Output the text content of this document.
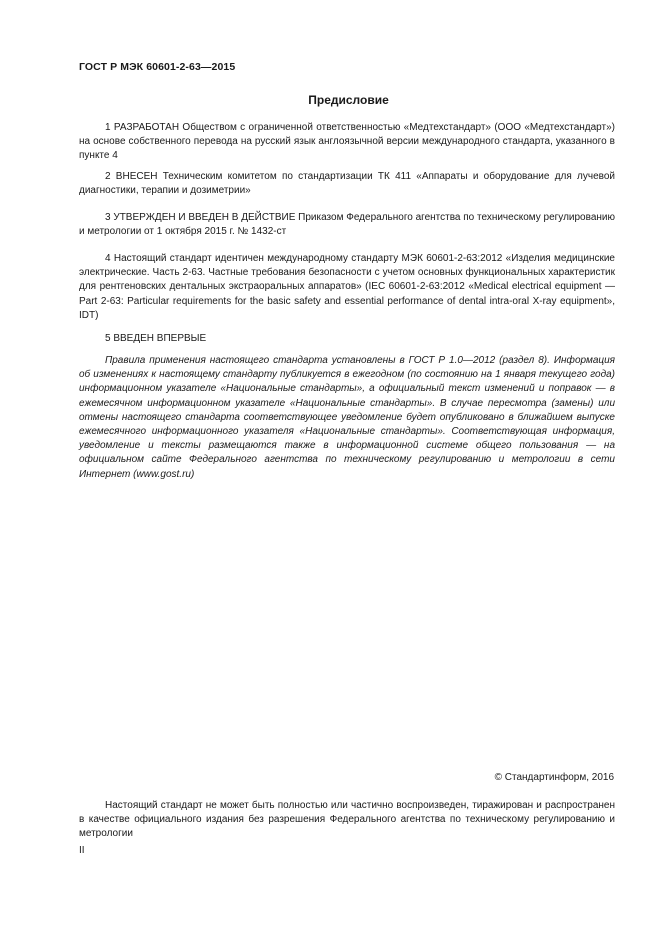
ГОСТ Р МЭК 60601-2-63—2015
Предисловие

1 РАЗРАБОТАН Обществом с ограниченной ответственностью «Медтехстандарт» (ООО «Медтехстандарт») на основе собственного перевода на русский язык англоязычной версии международного стандарта, указанного в пункте 4

2 ВНЕСЕН Техническим комитетом по стандартизации ТК 411 «Аппараты и оборудование для лучевой диагностики, терапии и дозиметрии»

3 УТВЕРЖДЕН И ВВЕДЕН В ДЕЙСТВИЕ Приказом Федерального агентства по техническому регулированию и метрологии от 1 октября 2015 г. № 1432-ст

4 Настоящий стандарт идентичен международному стандарту МЭК 60601-2-63:2012 «Изделия медицинские электрические. Часть 2-63. Частные требования безопасности с учетом основных функциональных характеристик для рентгеновских дентальных экстраоральных аппаратов» (IEC 60601-2-63:2012 «Medical electrical equipment — Part 2-63: Particular requirements for the basic safety and essential performance of dental intra-oral X-ray equipment», IDT)

5 ВВЕДЕН ВПЕРВЫЕ

Правила применения настоящего стандарта установлены в ГОСТ Р 1.0—2012 (раздел 8). Информация об изменениях к настоящему стандарту публикуется в ежегодном (по состоянию на 1 января текущего года) информационном указателе «Национальные стандарты», а официальный текст изменений и поправок — в ежемесячном информационном указателе «Национальные стандарты». В случае пересмотра (замены) или отмены настоящего стандарта соответствующее уведомление будет опубликовано в ближайшем выпуске ежемесячного информационного указателя «Национальные стандарты». Соответствующая информация, уведомление и тексты размещаются также в информационной системе общего пользования — на официальном сайте Федерального агентства по техническому регулированию и метрологии в сети Интернет (www.gost.ru)

© Стандартинформ, 2016

Настоящий стандарт не может быть полностью или частично воспроизведен, тиражирован и распространен в качестве официального издания без разрешения Федерального агентства по техническому регулированию и метрологии

II
